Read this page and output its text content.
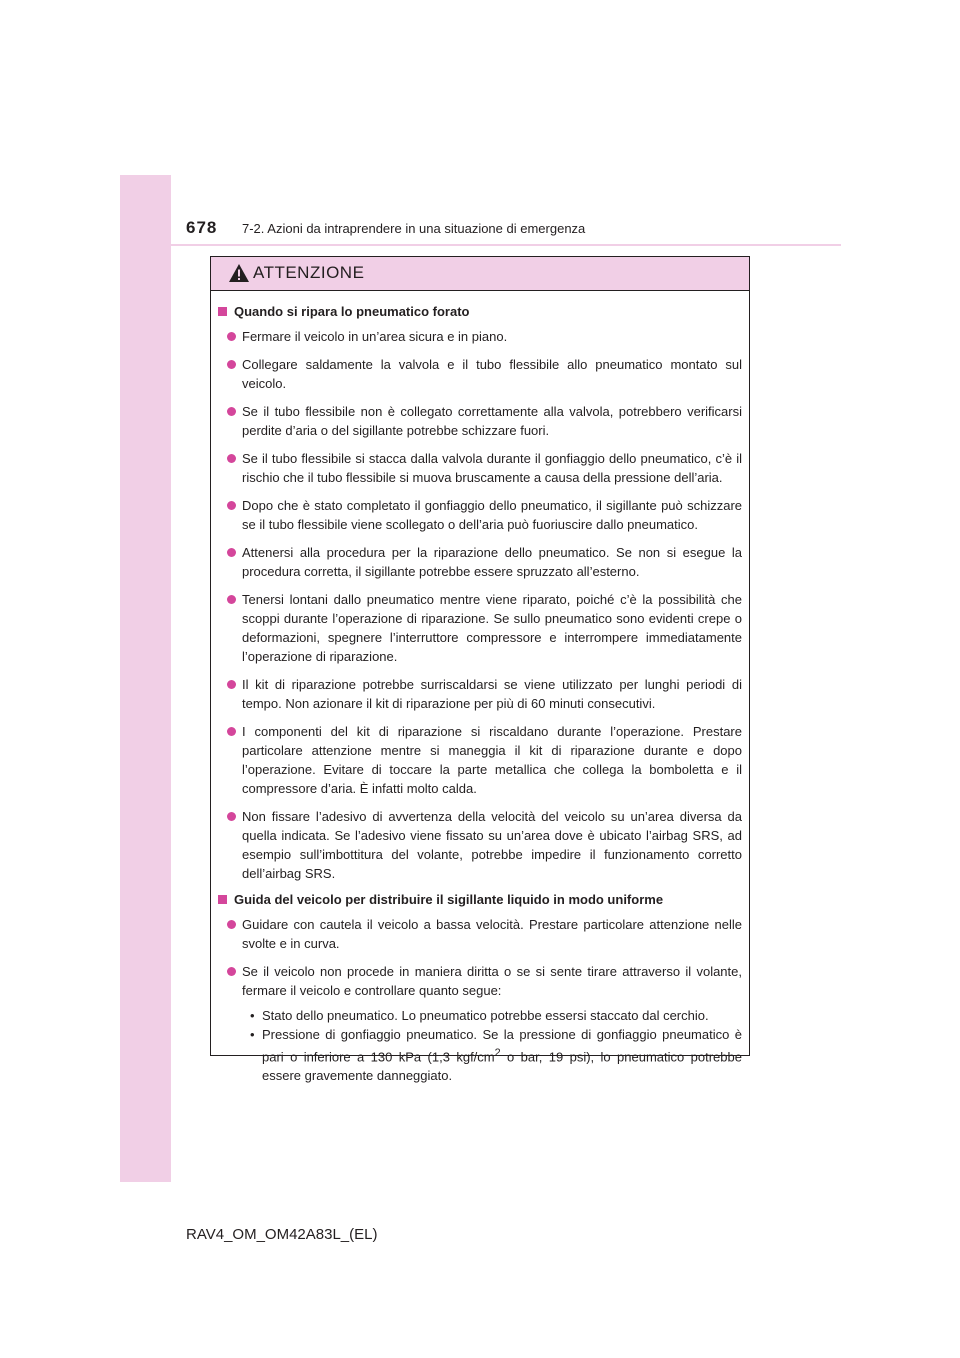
678 7-2. Azioni da intraprendere in una situazione di emergenza
ATTENZIONE
Quando si ripara lo pneumatico forato
Fermare il veicolo in un’area sicura e in piano.
Collegare saldamente la valvola e il tubo flessibile allo pneumatico montato sul veicolo.
Se il tubo flessibile non è collegato correttamente alla valvola, potrebbero verificarsi perdite d’aria o del sigillante potrebbe schizzare fuori.
Se il tubo flessibile si stacca dalla valvola durante il gonfiaggio dello pneumatico, c’è il rischio che il tubo flessibile si muova bruscamente a causa della pressione dell’aria.
Dopo che è stato completato il gonfiaggio dello pneumatico, il sigillante può schizzare se il tubo flessibile viene scollegato o dell’aria può fuoriuscire dallo pneumatico.
Attenersi alla procedura per la riparazione dello pneumatico. Se non si esegue la procedura corretta, il sigillante potrebbe essere spruzzato all’esterno.
Tenersi lontani dallo pneumatico mentre viene riparato, poiché c’è la possibilità che scoppi durante l’operazione di riparazione. Se sullo pneumatico sono evidenti crepe o deformazioni, spegnere l’interruttore compressore e interrompere immediatamente l’operazione di riparazione.
Il kit di riparazione potrebbe surriscaldarsi se viene utilizzato per lunghi periodi di tempo. Non azionare il kit di riparazione per più di 60 minuti consecutivi.
I componenti del kit di riparazione si riscaldano durante l’operazione. Prestare particolare attenzione mentre si maneggia il kit di riparazione durante e dopo l’operazione. Evitare di toccare la parte metallica che collega la bomboletta e il compressore d’aria. È infatti molto calda.
Non fissare l’adesivo di avvertenza della velocità del veicolo su un’area diversa da quella indicata. Se l’adesivo viene fissato su un’area dove è ubicato l’airbag SRS, ad esempio sull’imbottitura del volante, potrebbe impedire il funzionamento corretto dell’airbag SRS.
Guida del veicolo per distribuire il sigillante liquido in modo uniforme
Guidare con cautela il veicolo a bassa velocità. Prestare particolare attenzione nelle svolte e in curva.
Se il veicolo non procede in maniera diritta o se si sente tirare attraverso il volante, fermare il veicolo e controllare quanto segue:
• Stato dello pneumatico. Lo pneumatico potrebbe essersi staccato dal cerchio.
• Pressione di gonfiaggio pneumatico. Se la pressione di gonfiaggio pneumatico è pari o inferiore a 130 kPa (1,3 kgf/$cm^2$ o bar, 19 psi), lo pneumatico potrebbe essere gravemente danneggiato.
RAV4_OM_OM42A83L_(EL)
